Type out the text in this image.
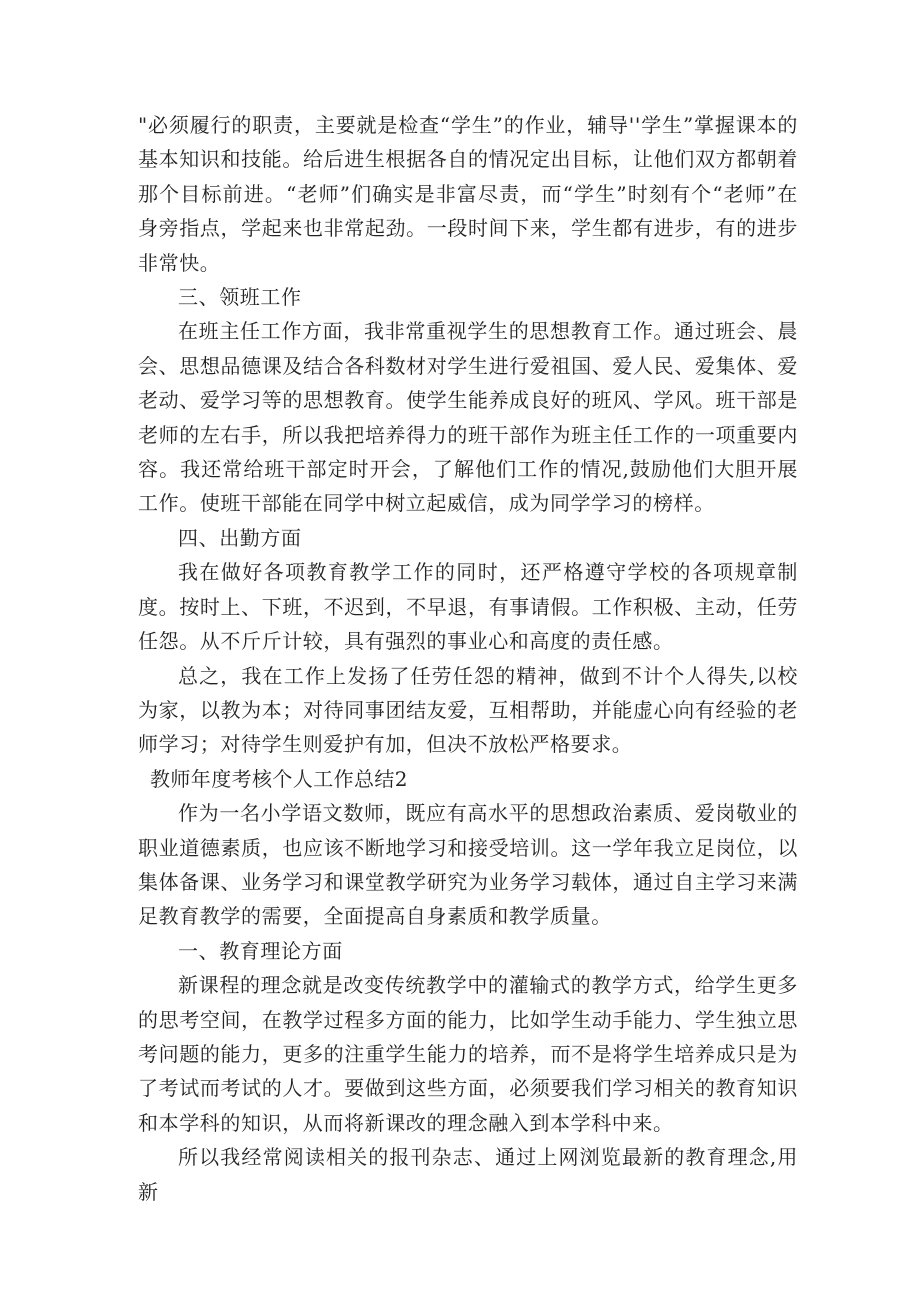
"必须履行的职责，主要就是检查“学生”的作业，辅导''学生”掌握课本的基本知识和技能。给后进生根据各自的情况定出目标，让他们双方都朝着那个目标前进。“老师”们确实是非富尽责，而“学生”时刻有个“老师”在身旁指点，学起来也非常起劲。一段时间下来，学生都有进步，有的进步非常快。

三、领班工作

在班主任工作方面，我非常重视学生的思想教育工作。通过班会、晨会、思想品德课及结合各科数材对学生进行爱祖国、爱人民、爱集体、爱老动、爱学习等的思想教育。使学生能养成良好的班风、学风。班干部是老师的左右手，所以我把培养得力的班干部作为班主任工作的一项重要内容。我还常给班干部定时开会，了解他们工作的情况,鼓励他们大胆开展工作。使班干部能在同学中树立起威信，成为同学学习的榜样。

四、出勤方面

我在做好各项教育教学工作的同时，还严格遵守学校的各项规章制度。按时上、下班，不迟到，不早退，有事请假。工作积极、主动，任劳任怨。从不斤斤计较，具有强烈的事业心和高度的责任感。

总之，我在工作上发扬了任劳任怨的精神，做到不计个人得失,以校为家，以教为本；对待同事团结友爱，互相帮助，并能虚心向有经验的老师学习；对待学生则爱护有加，但决不放松严格要求。

教师年度考核个人工作总结2

作为一名小学语文数师，既应有高水平的思想政治素质、爱岗敬业的职业道德素质，也应该不断地学习和接受培训。这一学年我立足岗位，以集体备课、业务学习和课堂教学研究为业务学习载体，通过自主学习来满足教育教学的需要，全面提高自身素质和教学质量。

一、教育理论方面

新课程的理念就是改变传统教学中的灌输式的教学方式，给学生更多的思考空间，在教学过程多方面的能力，比如学生动手能力、学生独立思考问题的能力，更多的注重学生能力的培养，而不是将学生培养成只是为了考试而考试的人才。要做到这些方面，必须要我们学习相关的教育知识和本学科的知识，从而将新课改的理念融入到本学科中来。

所以我经常阅读相关的报刊杂志、通过上网浏览最新的教育理念,用新
